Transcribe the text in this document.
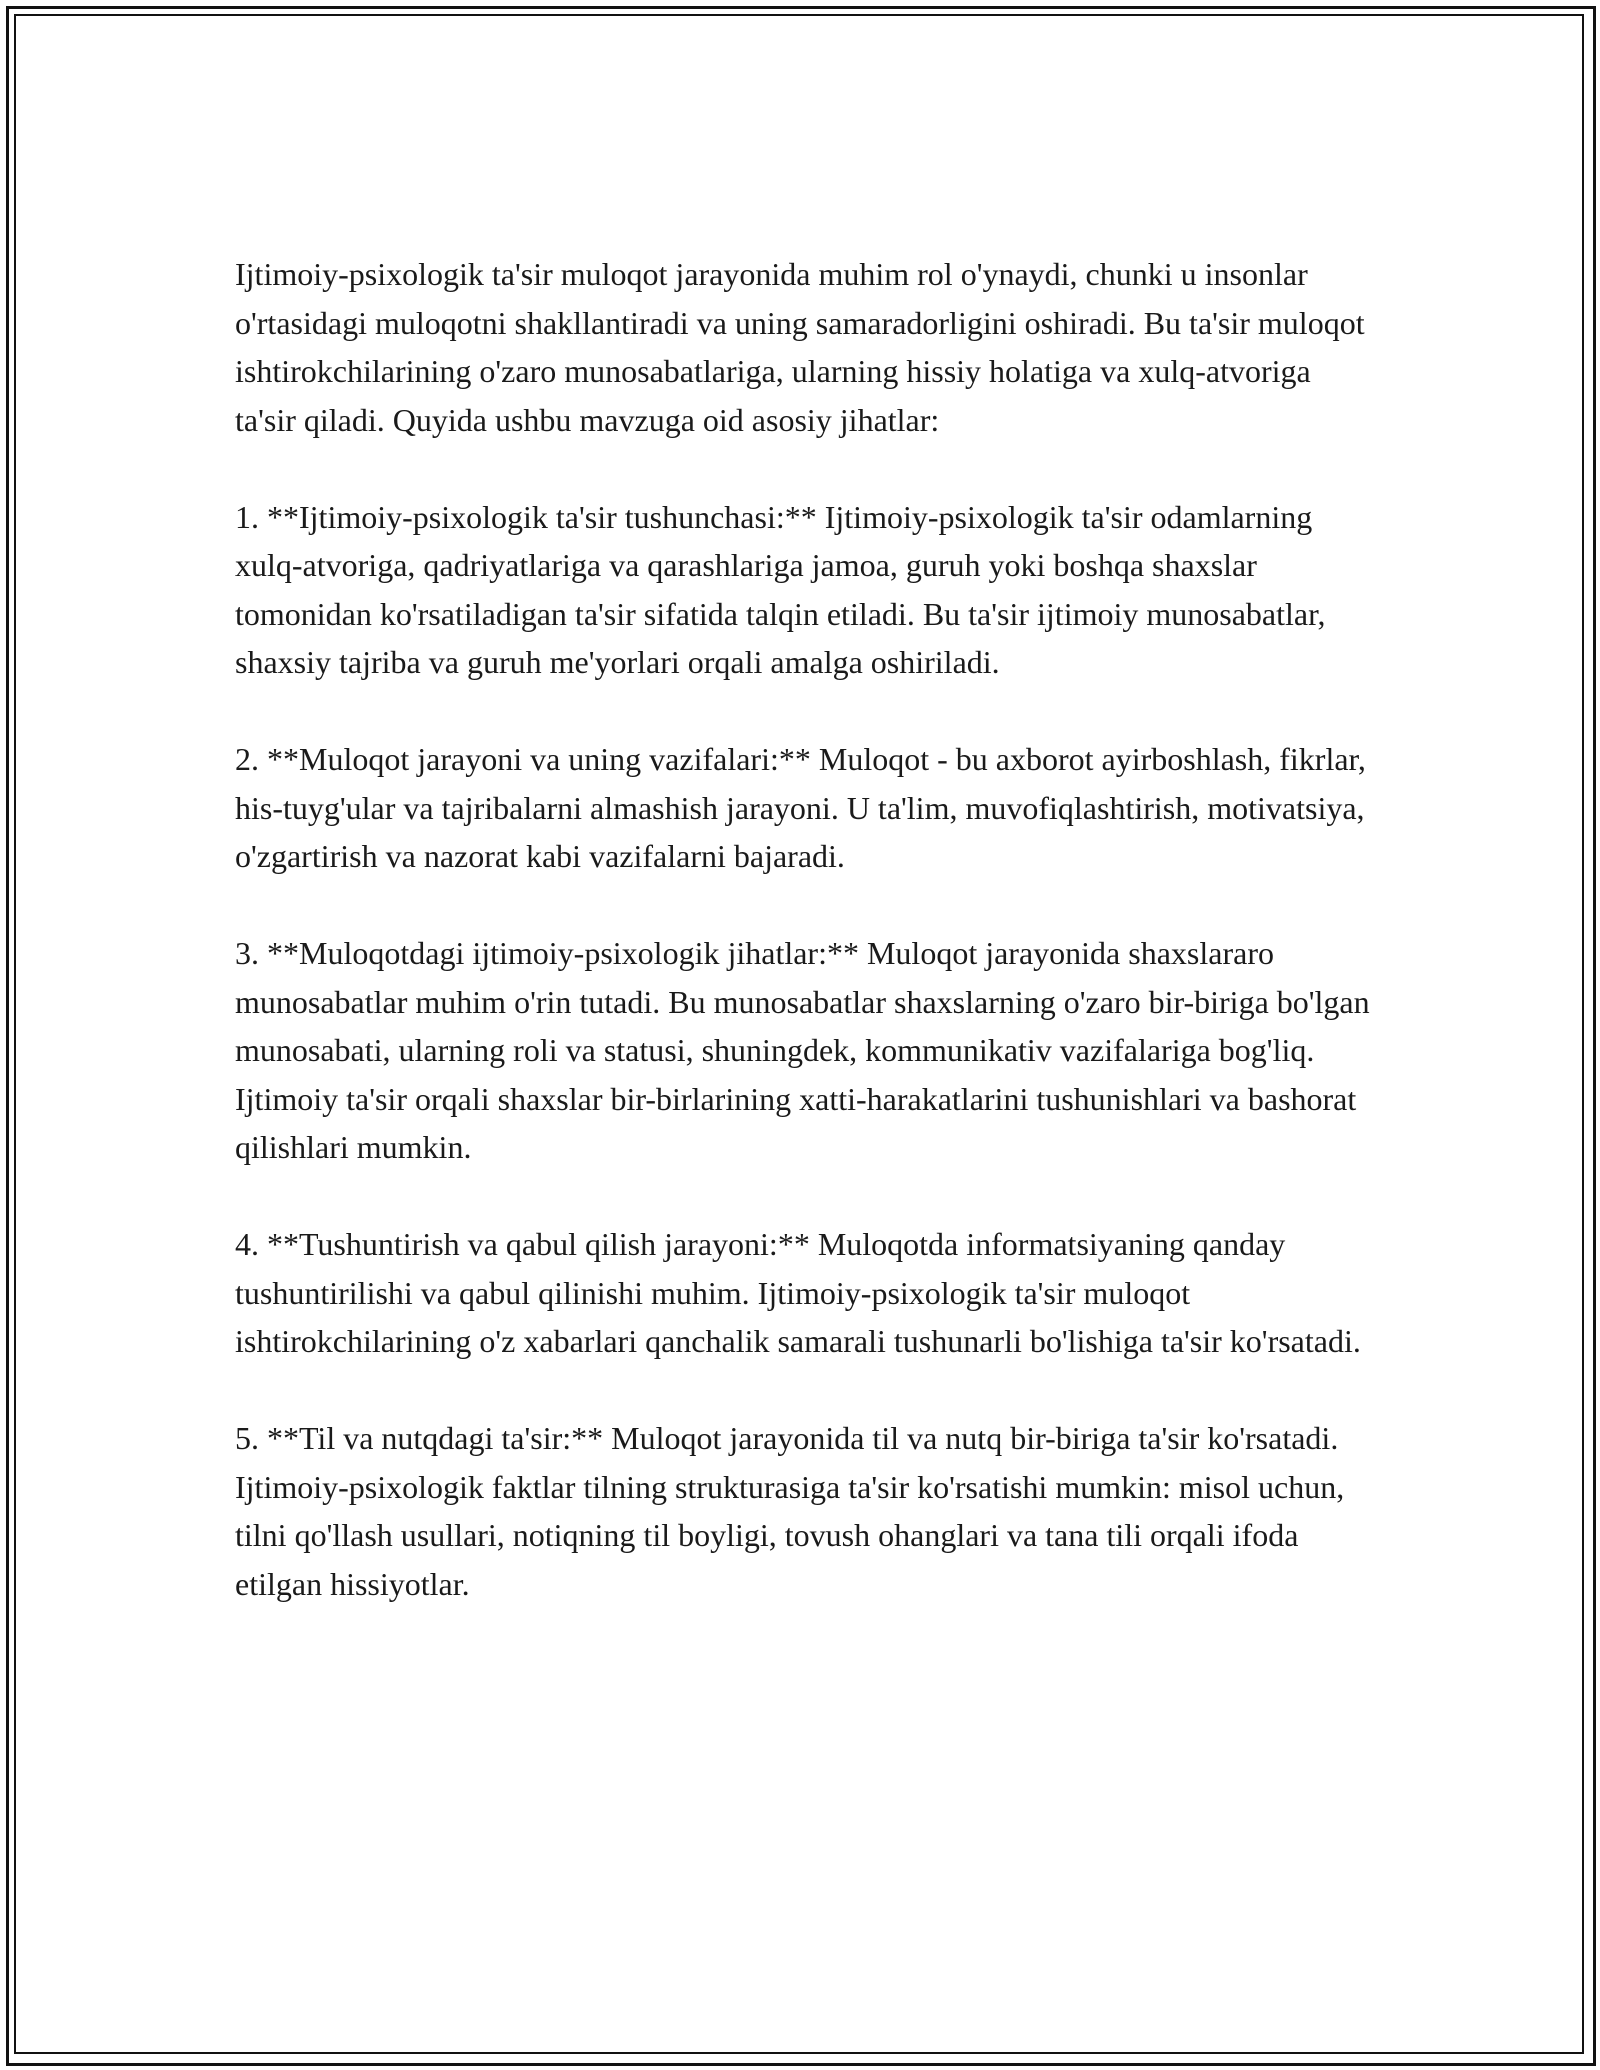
Ijtimoiy-psixologik ta'sir muloqot jarayonida muhim rol o'ynaydi, chunki u insonlar o'rtasidagi muloqotni shakllantiradi va uning samaradorligini oshiradi. Bu ta'sir muloqot ishtirokchilarining o'zaro munosabatlariga, ularning hissiy holatiga va xulq-atvoriga ta'sir qiladi. Quyida ushbu mavzuga oid asosiy jihatlar:

1. **Ijtimoiy-psixologik ta'sir tushunchasi:** Ijtimoiy-psixologik ta'sir odamlarning xulq-atvoriga, qadriyatlariga va qarashlariga jamoa, guruh yoki boshqa shaxslar tomonidan ko'rsatiladigan ta'sir sifatida talqin etiladi. Bu ta'sir ijtimoiy munosabatlar, shaxsiy tajriba va guruh me'yorlari orqali amalga oshiriladi.

2. **Muloqot jarayoni va uning vazifalari:** Muloqot - bu axborot ayirboshlash, fikrlar, his-tuyg'ular va tajribalarni almashish jarayoni. U ta'lim, muvofiqlashtirish, motivatsiya, o'zgartirish va nazorat kabi vazifalarni bajaradi.

3. **Muloqotdagi ijtimoiy-psixologik jihatlar:** Muloqot jarayonida shaxslararo munosabatlar muhim o'rin tutadi. Bu munosabatlar shaxslarning o'zaro bir-biriga bo'lgan munosabati, ularning roli va statusi, shuningdek, kommunikativ vazifalariga bog'liq. Ijtimoiy ta'sir orqali shaxslar bir-birlarining xatti-harakatlarini tushunishlari va bashorat qilishlari mumkin.

4. **Tushuntirish va qabul qilish jarayoni:** Muloqotda informatsiyaning qanday tushuntirilishi va qabul qilinishi muhim. Ijtimoiy-psixologik ta'sir muloqot ishtirokchilarining o'z xabarlari qanchalik samarali tushunarli bo'lishiga ta'sir ko'rsatadi.

5. **Til va nutqdagi ta'sir:** Muloqot jarayonida til va nutq bir-biriga ta'sir ko'rsatadi. Ijtimoiy-psixologik faktlar tilning strukturasiga ta'sir ko'rsatishi mumkin: misol uchun, tilni qo'llash usullari, notiqning til boyligi, tovush ohanglari va tana tili orqali ifoda etilgan hissiyotlar.
